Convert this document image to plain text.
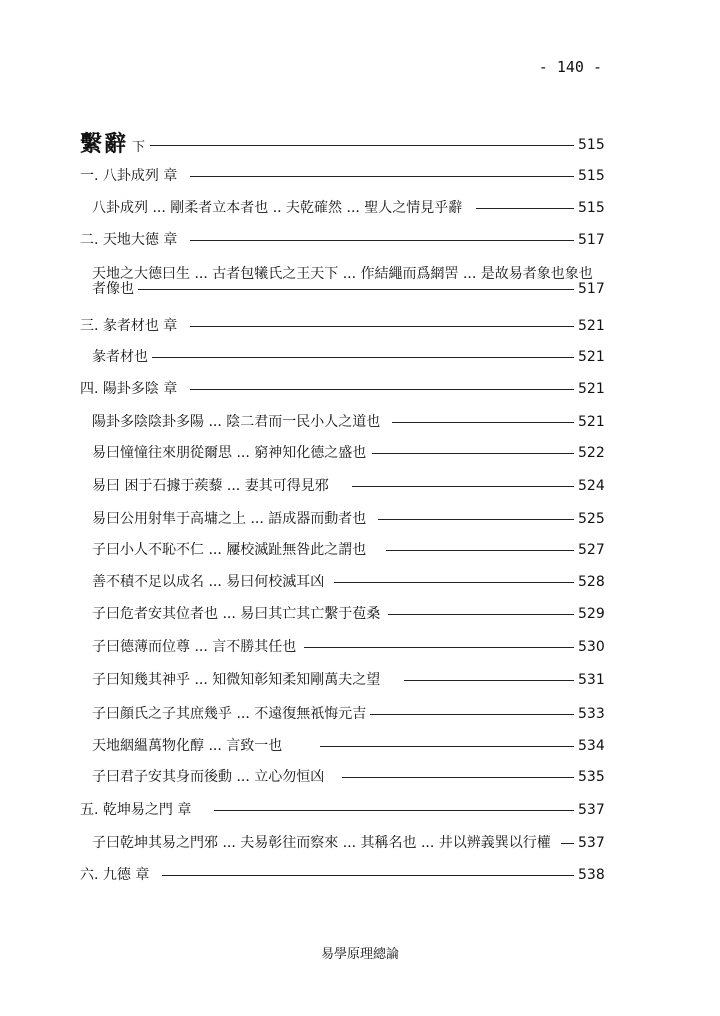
- 140 -
繫辭 下	515
一. 八卦成列 章	515
八卦成列 ... 剛柔者立本者也 .. 夫乾確然 ... 聖人之情見乎辭	515
二. 天地大德 章	517
天地之大德曰生 ... 古者包犧氏之王天下 ... 作結繩而爲網罟 ... 是故易者象也象也
者像也	517
三. 彖者材也 章	521
彖者材也	521
四. 陽卦多陰 章	521
陽卦多陰陰卦多陽 ... 陰二君而一民小人之道也	521
易曰憧憧往來朋從爾思 ... 窮神知化德之盛也	522
易曰 困于石據于蒺藜 ... 妻其可得見邪	524
易曰公用射隼于高墉之上 ... 語成器而動者也	525
子曰小人不恥不仁 ... 屨校滅趾無咎此之謂也	527
善不積不足以成名 ... 易曰何校滅耳凶	528
子曰危者安其位者也 ... 易曰其亡其亡繫于苞桑	529
子曰德薄而位尊 ... 言不勝其任也	530
子曰知幾其神乎 ... 知微知彰知柔知剛萬夫之望	531
子曰顔氏之子其庶幾乎 ... 不遠復無祇悔元吉	533
天地絪縕萬物化醇 ... 言致一也	534
子曰君子安其身而後動 ... 立心勿恒凶	535
五. 乾坤易之門 章	537
子曰乾坤其易之門邪 ... 夫易彰往而察來 ... 其稱名也 ... 井以辨義巽以行權 537
六. 九德 章	538
易學原理總論
